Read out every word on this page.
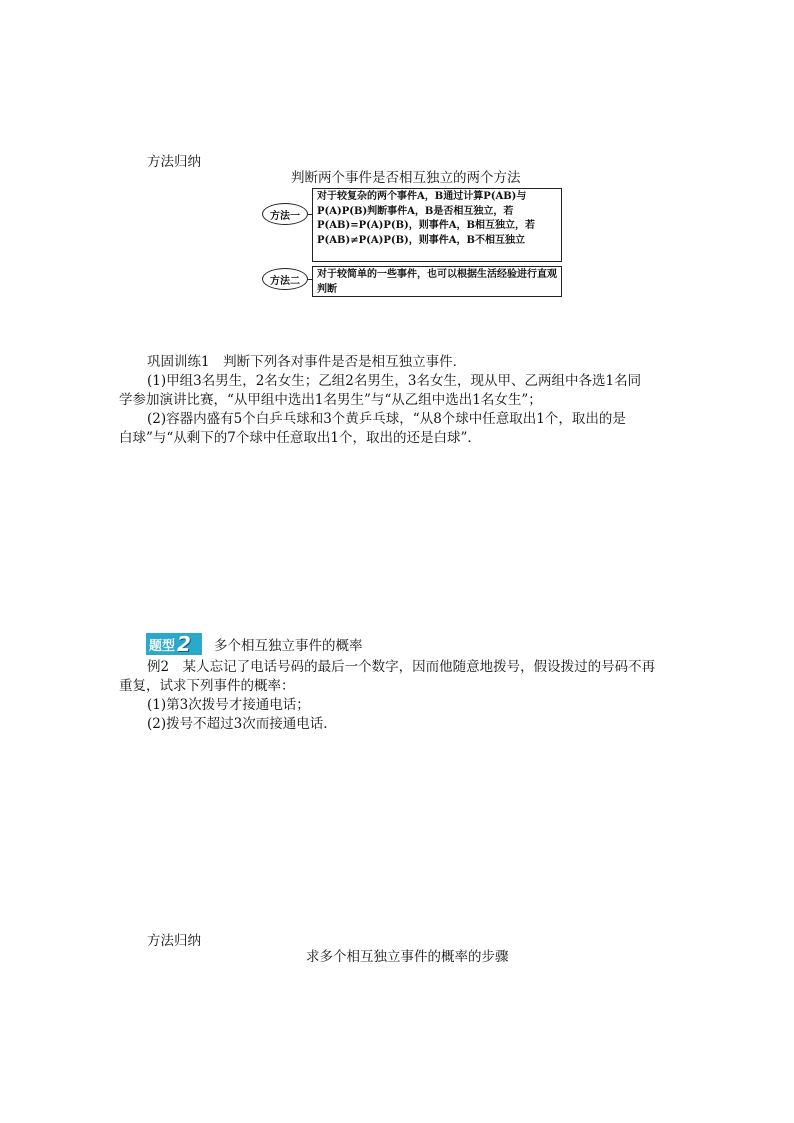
方法归纳
判断两个事件是否相互独立的两个方法
方法一
对于较复杂的两个事件A，B通过计算P(AB)与P(A)P(B)判断事件A，B是否相互独立，若P(AB)=P(A)P(B)，则事件A，B相互独立，若P(AB)≠P(A)P(B)，则事件A，B不相互独立
方法二
对于较简单的一些事件，也可以根据生活经验进行直观判断
巩固训练1　判断下列各对事件是否是相互独立事件．
(1)甲组3名男生，2名女生；乙组2名男生，3名女生，现从甲、乙两组中各选1名同
学参加演讲比赛，“从甲组中选出1名男生”与“从乙组中选出1名女生”；
(2)容器内盛有5个白乒乓球和3个黄乒乓球，“从8个球中任意取出1个，取出的是
白球”与“从剩下的7个球中任意取出1个，取出的还是白球”．
题型 2 多个相互独立事件的概率
例2　某人忘记了电话号码的最后一个数字，因而他随意地拨号，假设拨过的号码不再
重复，试求下列事件的概率：
(1)第3次拨号才接通电话；
(2)拨号不超过3次而接通电话．
方法归纳
求多个相互独立事件的概率的步骤
